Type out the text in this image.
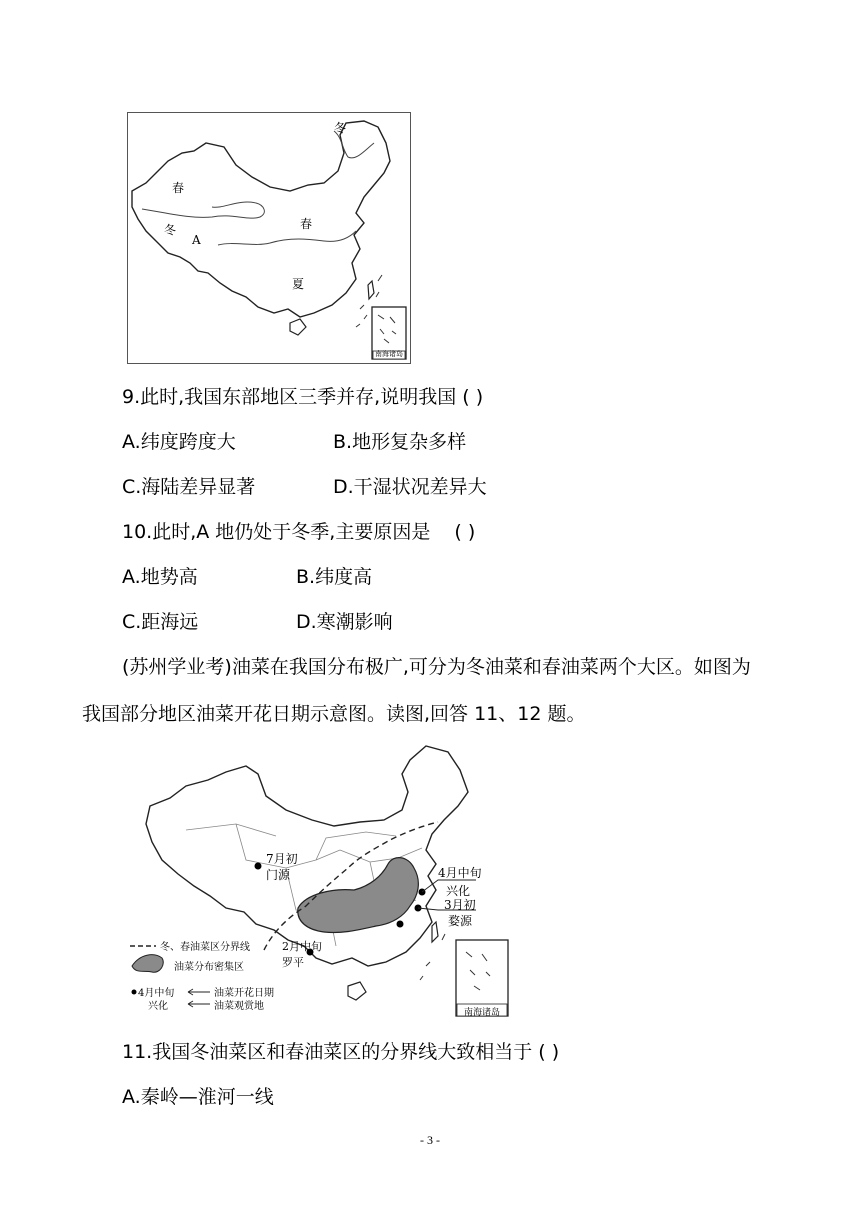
冬
春
冬
A
春
夏
南海诸岛
9.此时,我国东部地区三季并存,说明我国 ( )
A.纬度跨度大	B.地形复杂多样
C.海陆差异显著	D.干湿状况差异大
10.此时,A 地仍处于冬季,主要原因是 ( )
A.地势高	B.纬度高
C.距海远	D.寒潮影响
(苏州学业考)油菜在我国分布极广,可分为冬油菜和春油菜两个大区。如图为
我国部分地区油菜开花日期示意图。读图,回答 11、12 题。
7月初
门源	4月中旬
兴化
3月初
婺源
2月中旬
罗平
冬、春油菜区分界线
油菜分布密集区
4月中旬
兴化
油菜开花日期
油菜观赏地
南海诸岛
11.我国冬油菜区和春油菜区的分界线大致相当于 ( )
A.秦岭—淮河一线
- 3 -
